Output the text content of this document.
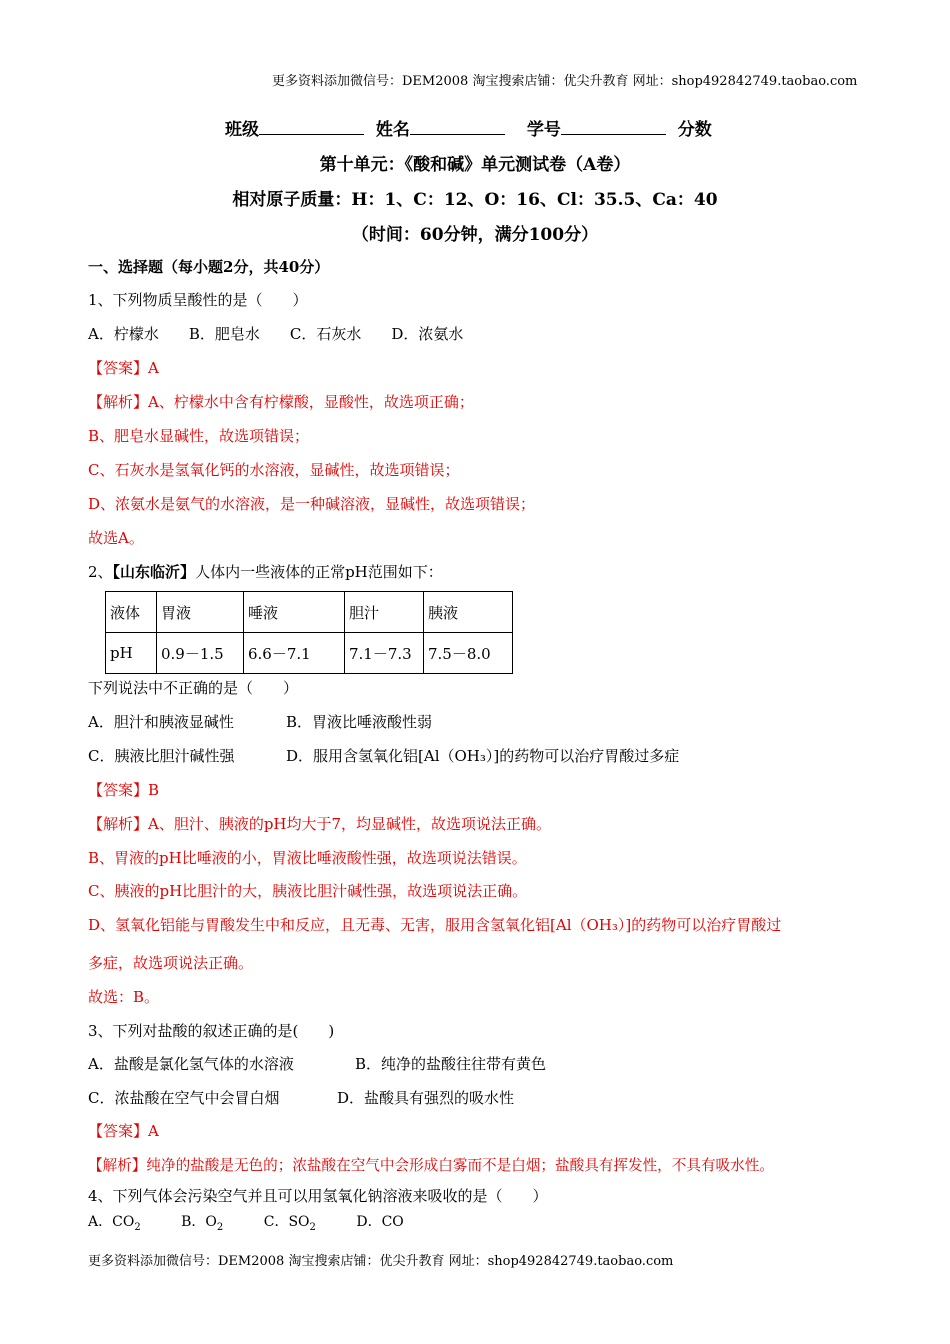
更多资料添加微信号：DEM2008 淘宝搜索店铺：优尖升教育 网址：shop492842749.taobao.com
班级	姓名	学号	分数
第十单元：《酸和碱》单元测试卷（A卷）
相对原子质量：H：1、C：12、O：16、Cl：35.5、Ca：40
（时间：60分钟，满分100分）
一、选择题（每小题2分，共40分）
1、下列物质呈酸性的是（　　）
A．柠檬水　　B．肥皂水　　C．石灰水　　D．浓氨水
【答案】A
【解析】A、柠檬水中含有柠檬酸，显酸性，故选项正确；
B、肥皂水显碱性，故选项错误；
C、石灰水是氢氧化钙的水溶液，显碱性，故选项错误；
D、浓氨水是氨气的水溶液，是一种碱溶液，显碱性，故选项错误；
故选A。
2、【山东临沂】人体内一些液体的正常pH范围如下：
液体	胃液	唾液	胆汁	胰液
pH	0.9－1.5	6.6－7.1	7.1－7.3	7.5－8.0
下列说法中不正确的是（　　）
A．胆汁和胰液显碱性	B．胃液比唾液酸性弱
C．胰液比胆汁碱性强	D．服用含氢氧化铝[Al（OH₃）]的药物可以治疗胃酸过多症
【答案】B
【解析】A、胆汁、胰液的pH均大于7，均显碱性，故选项说法正确。
B、胃液的pH比唾液的小，胃液比唾液酸性强，故选项说法错误。
C、胰液的pH比胆汁的大，胰液比胆汁碱性强，故选项说法正确。
D、氢氧化铝能与胃酸发生中和反应，且无毒、无害，服用含氢氧化铝[Al（OH₃）]的药物可以治疗胃酸过
多症，故选项说法正确。
故选：B。
3、下列对盐酸的叙述正确的是(　　)
A．盐酸是氯化氢气体的水溶液	B．纯净的盐酸往往带有黄色
C．浓盐酸在空气中会冒白烟	D．盐酸具有强烈的吸水性
【答案】A
【解析】纯净的盐酸是无色的；浓盐酸在空气中会形成白雾而不是白烟；盐酸具有挥发性，不具有吸水性。
4、下列气体会污染空气并且可以用氢氧化钠溶液来吸收的是（　　）
A．$CO_2$	B．$O_2$	C．$SO_2$	D．CO
更多资料添加微信号：DEM2008 淘宝搜索店铺：优尖升教育 网址：shop492842749.taobao.com
